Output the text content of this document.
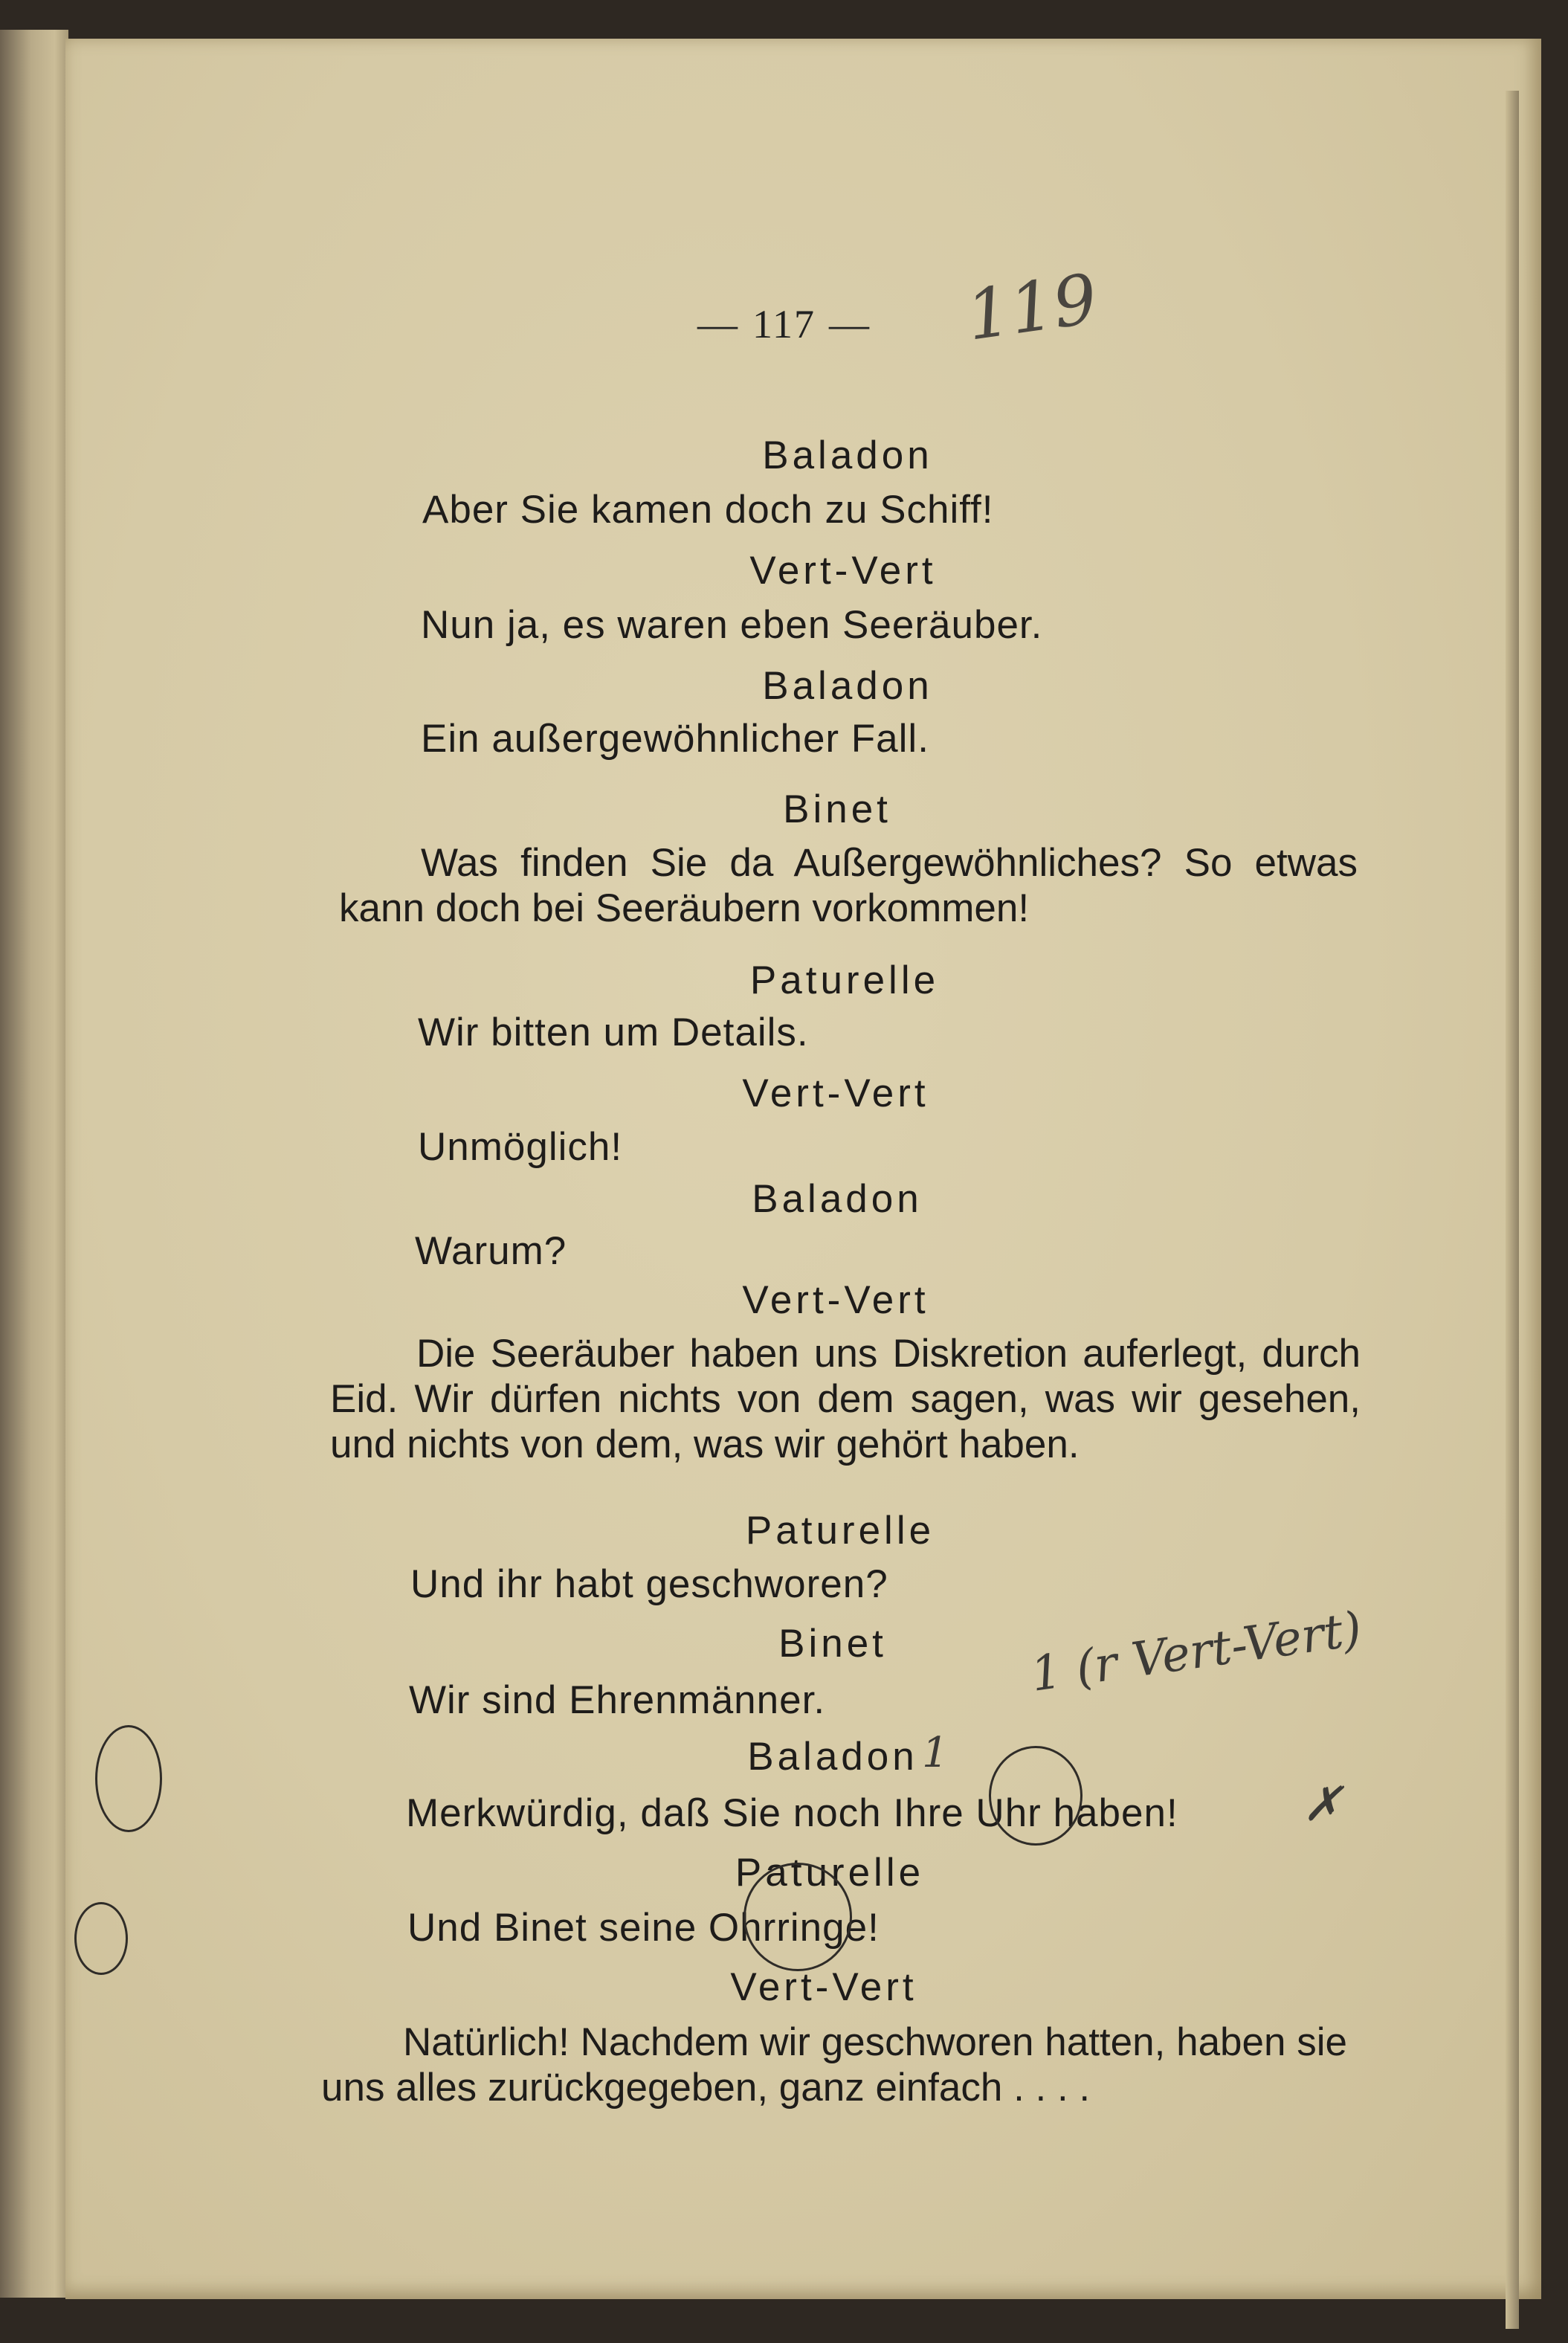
— 117 —	119
Baladon
Aber Sie kamen doch zu Schiff!
Vert-Vert
Nun ja, es waren eben Seeräuber.
Baladon
Ein außergewöhnlicher Fall.
Binet
Was finden Sie da Außergewöhnliches? So etwas kann doch bei Seeräubern vorkommen!
Paturelle
Wir bitten um Details.
Vert-Vert
Unmöglich!
Baladon
Warum?
Vert-Vert
Die Seeräuber haben uns Diskretion auferlegt, durch Eid. Wir dürfen nichts von dem sagen, was wir gesehen, und nichts von dem, was wir gehört haben.
Paturelle
Und ihr habt geschworen?
Binet
Wir sind Ehrenmänner.
Baladon
Merkwürdig, daß Sie noch Ihre Uhr haben!
Paturelle
Und Binet seine Ohrringe!
Vert-Vert
Natürlich! Nachdem wir geschworen hatten, haben sie uns alles zurückgegeben, ganz einfach . . . .
1 (r Vert-Vert)
1
✗
